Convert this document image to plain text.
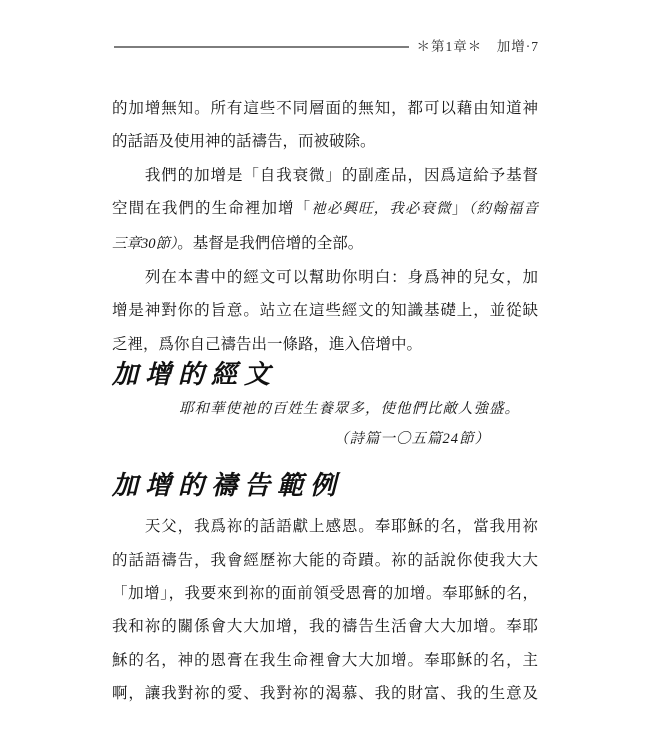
＊第1章＊　加增·7
的加增無知。所有這些不同層面的無知，都可以藉由知道神
的話語及使用神的話禱告，而被破除。
　　我們的加增是「自我衰微」的副產品，因爲這給予基督
空間在我們的生命裡加增「祂必興旺，我必衰微」（約翰福音
三章30節）。基督是我們倍增的全部。
　　列在本書中的經文可以幫助你明白：身爲神的兒女，加
增是神對你的旨意。站立在這些經文的知識基礎上，並從缺
乏裡，爲你自己禱告出一條路，進入倍增中。
加增的經文
耶和華使祂的百姓生養眾多，使他們比敵人強盛。
（詩篇一〇五篇24節）
加增的禱告範例
　　天父，我爲祢的話語獻上感恩。奉耶穌的名，當我用祢
的話語禱告，我會經歷祢大能的奇蹟。祢的話說你使我大大
「加增」，我要來到祢的面前領受恩膏的加增。奉耶穌的名，
我和祢的關係會大大加增，我的禱告生活會大大加增。奉耶
穌的名，神的恩膏在我生命裡會大大加增。奉耶穌的名，主
啊，讓我對祢的愛、我對祢的渴慕、我的財富、我的生意及
